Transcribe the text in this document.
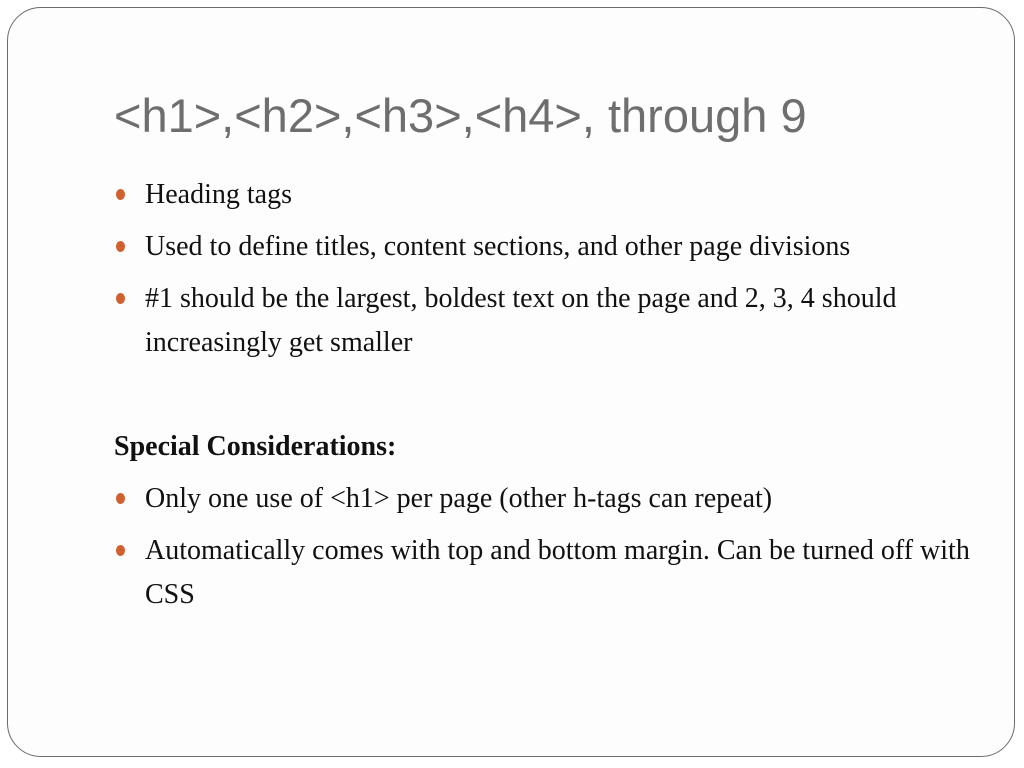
<h1>,<h2>,<h3>,<h4>, through 9
Heading tags
Used to define titles, content sections, and other page divisions
#1 should be the largest, boldest text on the page and 2, 3, 4 should increasingly get smaller
Special Considerations:
Only one use of <h1> per page (other h-tags can repeat)
Automatically comes with top and bottom margin. Can be turned off with CSS
